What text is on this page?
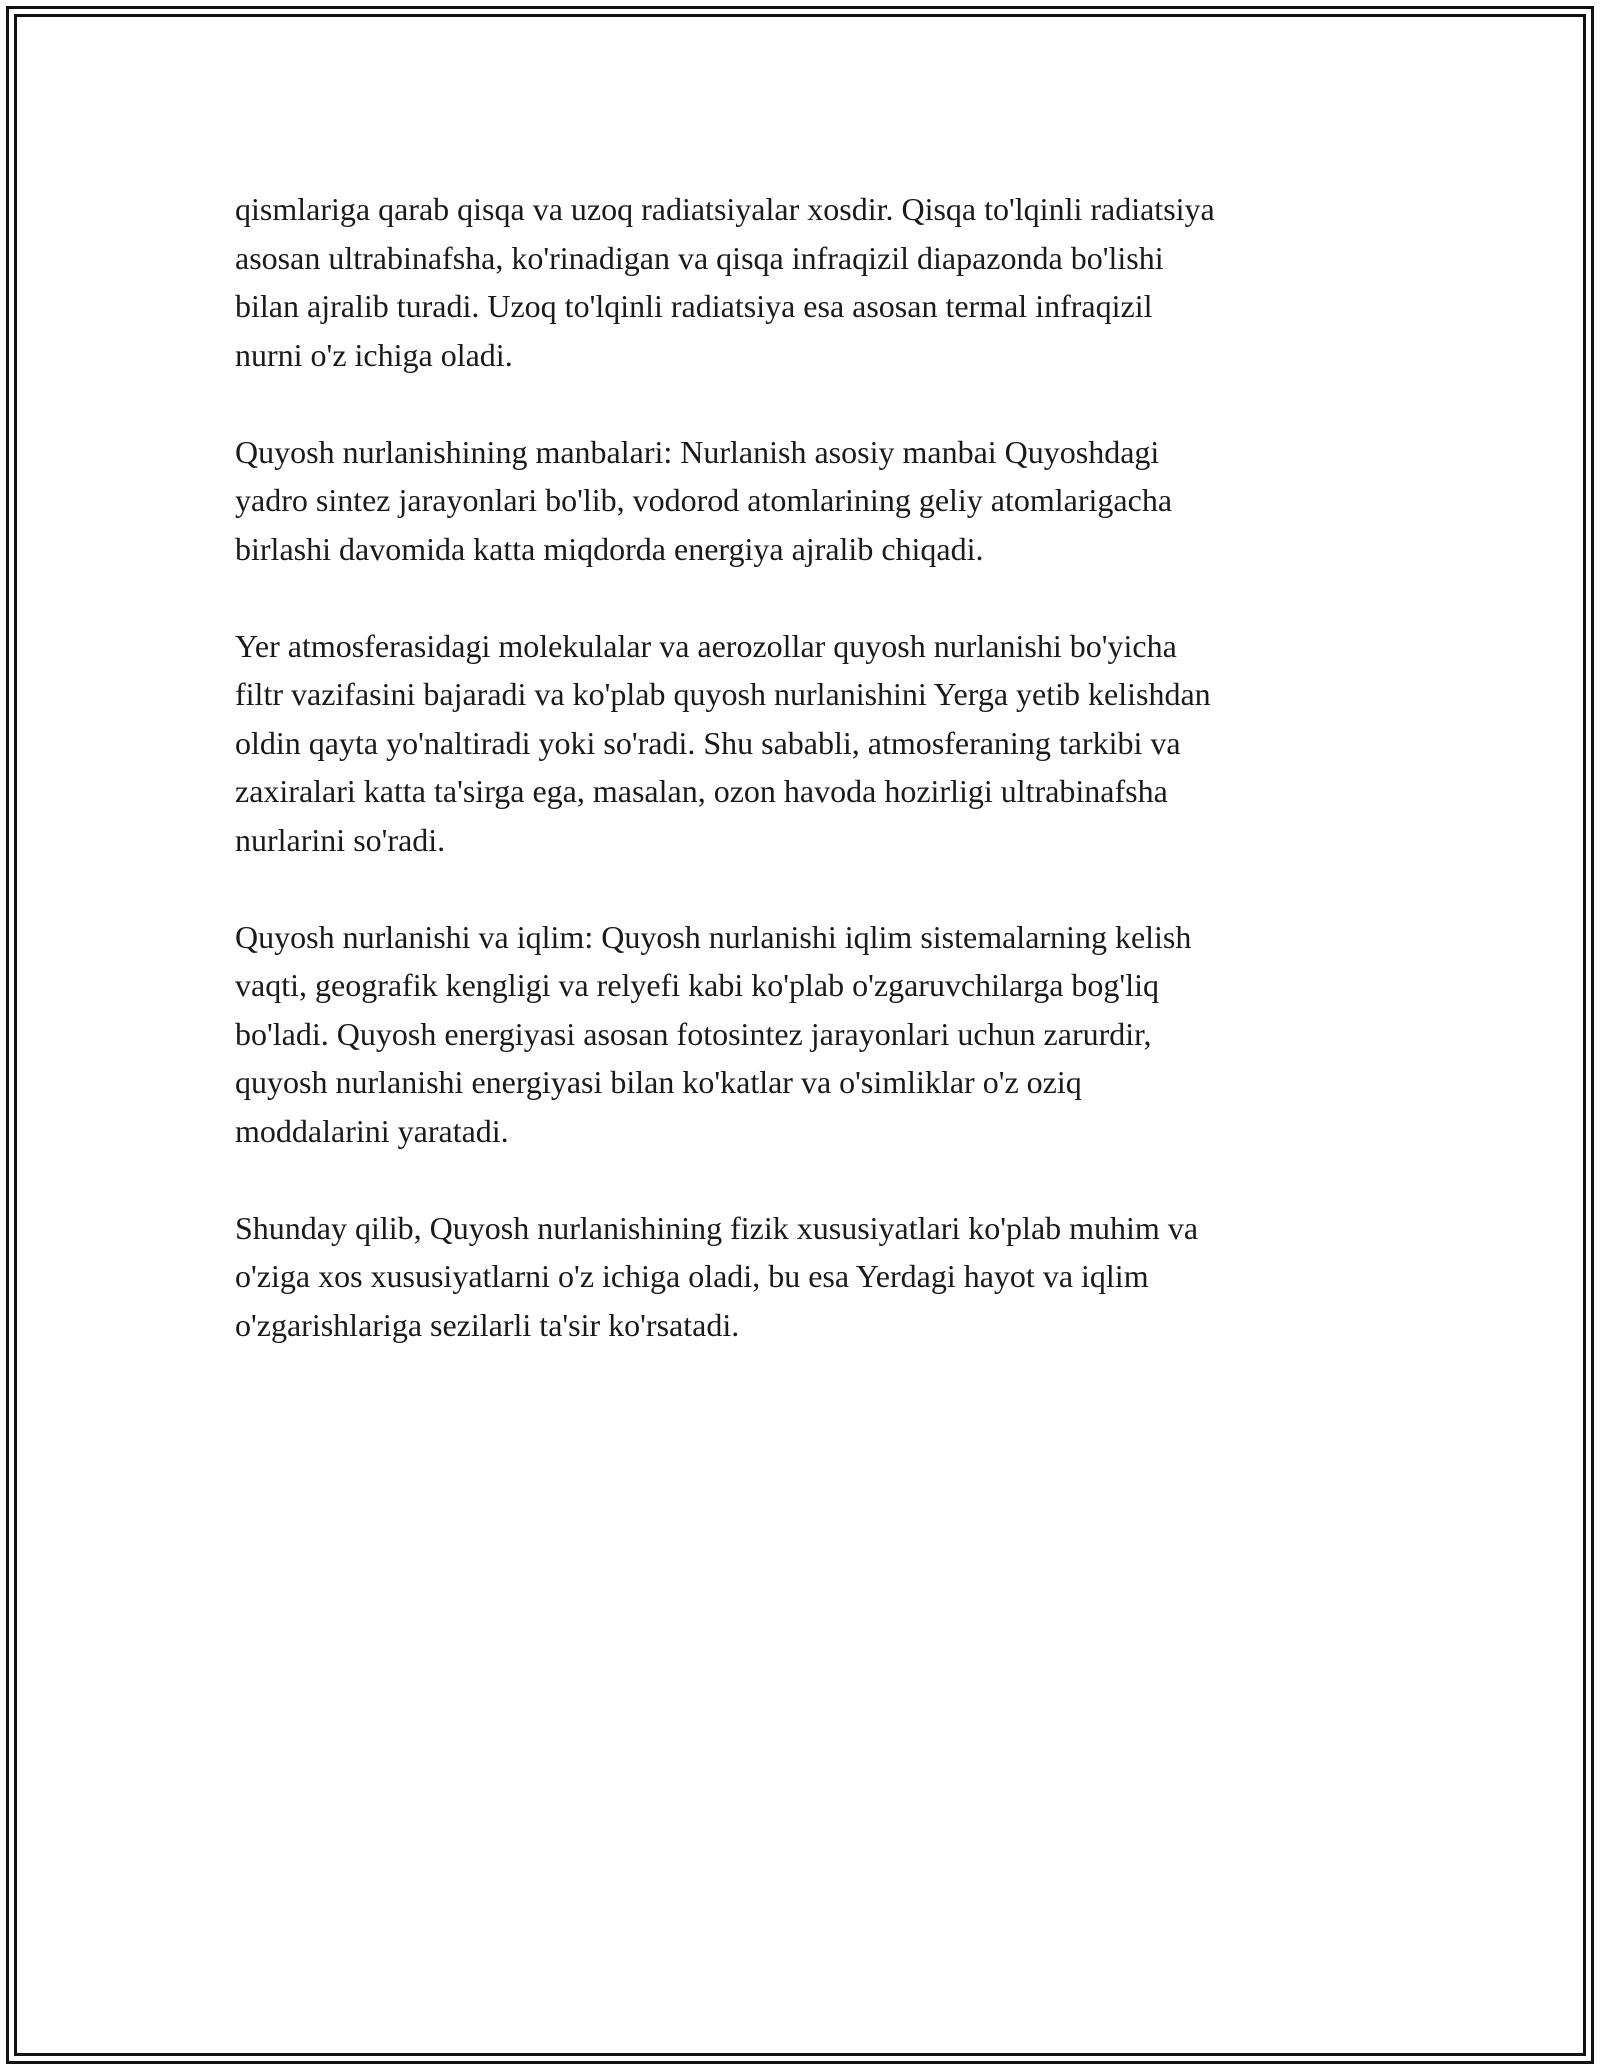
qismlariga qarab qisqa va uzoq radiatsiyalar xosdir. Qisqa to'lqinli radiatsiya
asosan ultrabinafsha, ko'rinadigan va qisqa infraqizil diapazonda bo'lishi
bilan ajralib turadi. Uzoq to'lqinli radiatsiya esa asosan termal infraqizil
nurni o'z ichiga oladi.

Quyosh nurlanishining manbalari: Nurlanish asosiy manbai Quyoshdagi
yadro sintez jarayonlari bo'lib, vodorod atomlarining geliy atomlarigacha
birlashi davomida katta miqdorda energiya ajralib chiqadi.

Yer atmosferasidagi molekulalar va aerozollar quyosh nurlanishi bo'yicha
filtr vazifasini bajaradi va ko'plab quyosh nurlanishini Yerga yetib kelishdan
oldin qayta yo'naltiradi yoki so'radi. Shu sababli, atmosferaning tarkibi va
zaxiralari katta ta'sirga ega, masalan, ozon havoda hozirligi ultrabinafsha
nurlarini so'radi.

Quyosh nurlanishi va iqlim: Quyosh nurlanishi iqlim sistemalarning kelish
vaqti, geografik kengligi va relyefi kabi ko'plab o'zgaruvchilarga bog'liq
bo'ladi. Quyosh energiyasi asosan fotosintez jarayonlari uchun zarurdir,
quyosh nurlanishi energiyasi bilan ko'katlar va o'simliklar o'z oziq
moddalarini yaratadi.

Shunday qilib, Quyosh nurlanishining fizik xususiyatlari ko'plab muhim va
o'ziga xos xususiyatlarni o'z ichiga oladi, bu esa Yerdagi hayot va iqlim
o'zgarishlariga sezilarli ta'sir ko'rsatadi.
